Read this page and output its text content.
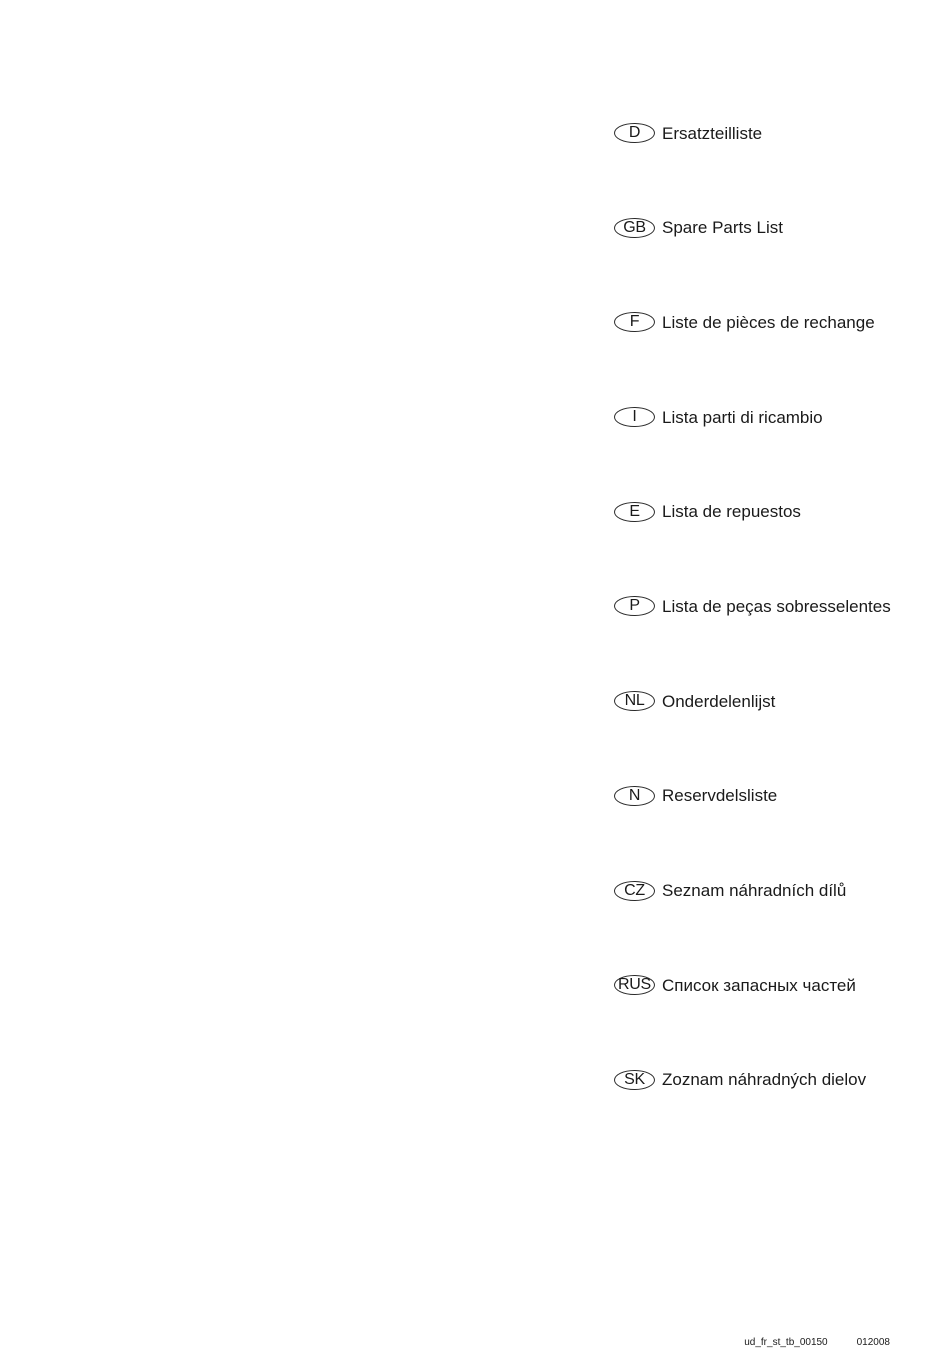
D	Ersatzteilliste
GB Spare Parts List
F	Liste de pièces de rechange
I	Lista parti di ricambio
E	Lista de repuestos
P	Lista de peças sobresselentes
NL	Onderdelenlijst
N	Reservdelsliste
CZ	Seznam náhradních dílů
RUS Список запасных частей
SK	Zoznam náhradných dielov
ud_fr_st_tb_00150	012008
